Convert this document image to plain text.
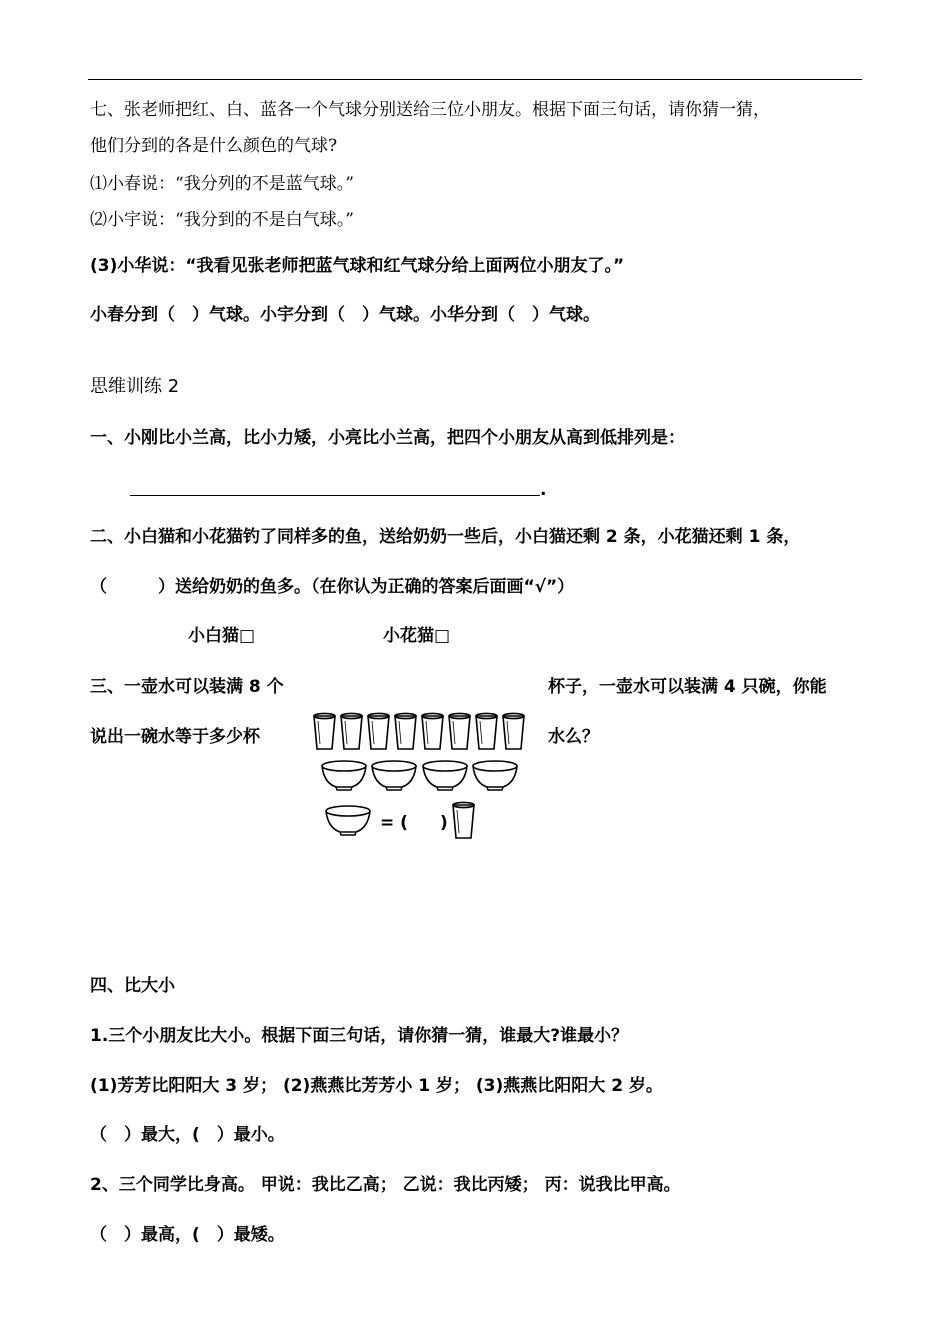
七、张老师把红、白、蓝各一个气球分别送给三位小朋友。根据下面三句话，请你猜一猜，
他们分到的各是什么颜色的气球?
⑴小春说：“我分列的不是蓝气球。”
⑵小宇说：“我分到的不是白气球。”
(3)小华说：“我看见张老师把蓝气球和红气球分给上面两位小朋友了。”
小春分到（　）气球。小宇分到（　）气球。小华分到（　）气球。
思维训练 2
一、小刚比小兰高，比小力矮，小亮比小兰高，把四个小朋友从高到低排列是：
.
二、小白猫和小花猫钓了同样多的鱼，送给奶奶一些后，小白猫还剩 2 条，小花猫还剩 1 条，
（　　　）送给奶奶的鱼多。（在你认为正确的答案后面画“√”）
小白猫□	小花猫□
三、一壶水可以装满 8 个	杯子，一壶水可以装满 4 只碗，你能
说出一碗水等于多少杯	水么？
= ( )
四、比大小
1.三个小朋友比大小。根据下面三句话，请你猜一猜，谁最大?谁最小？
(1)芳芳比阳阳大 3 岁； (2)燕燕比芳芳小 1 岁； (3)燕燕比阳阳大 2 岁。
（　）最大，(　）最小。
2、三个同学比身高。 甲说：我比乙高； 乙说：我比丙矮； 丙：说我比甲高。
（　）最高，(　）最矮。
